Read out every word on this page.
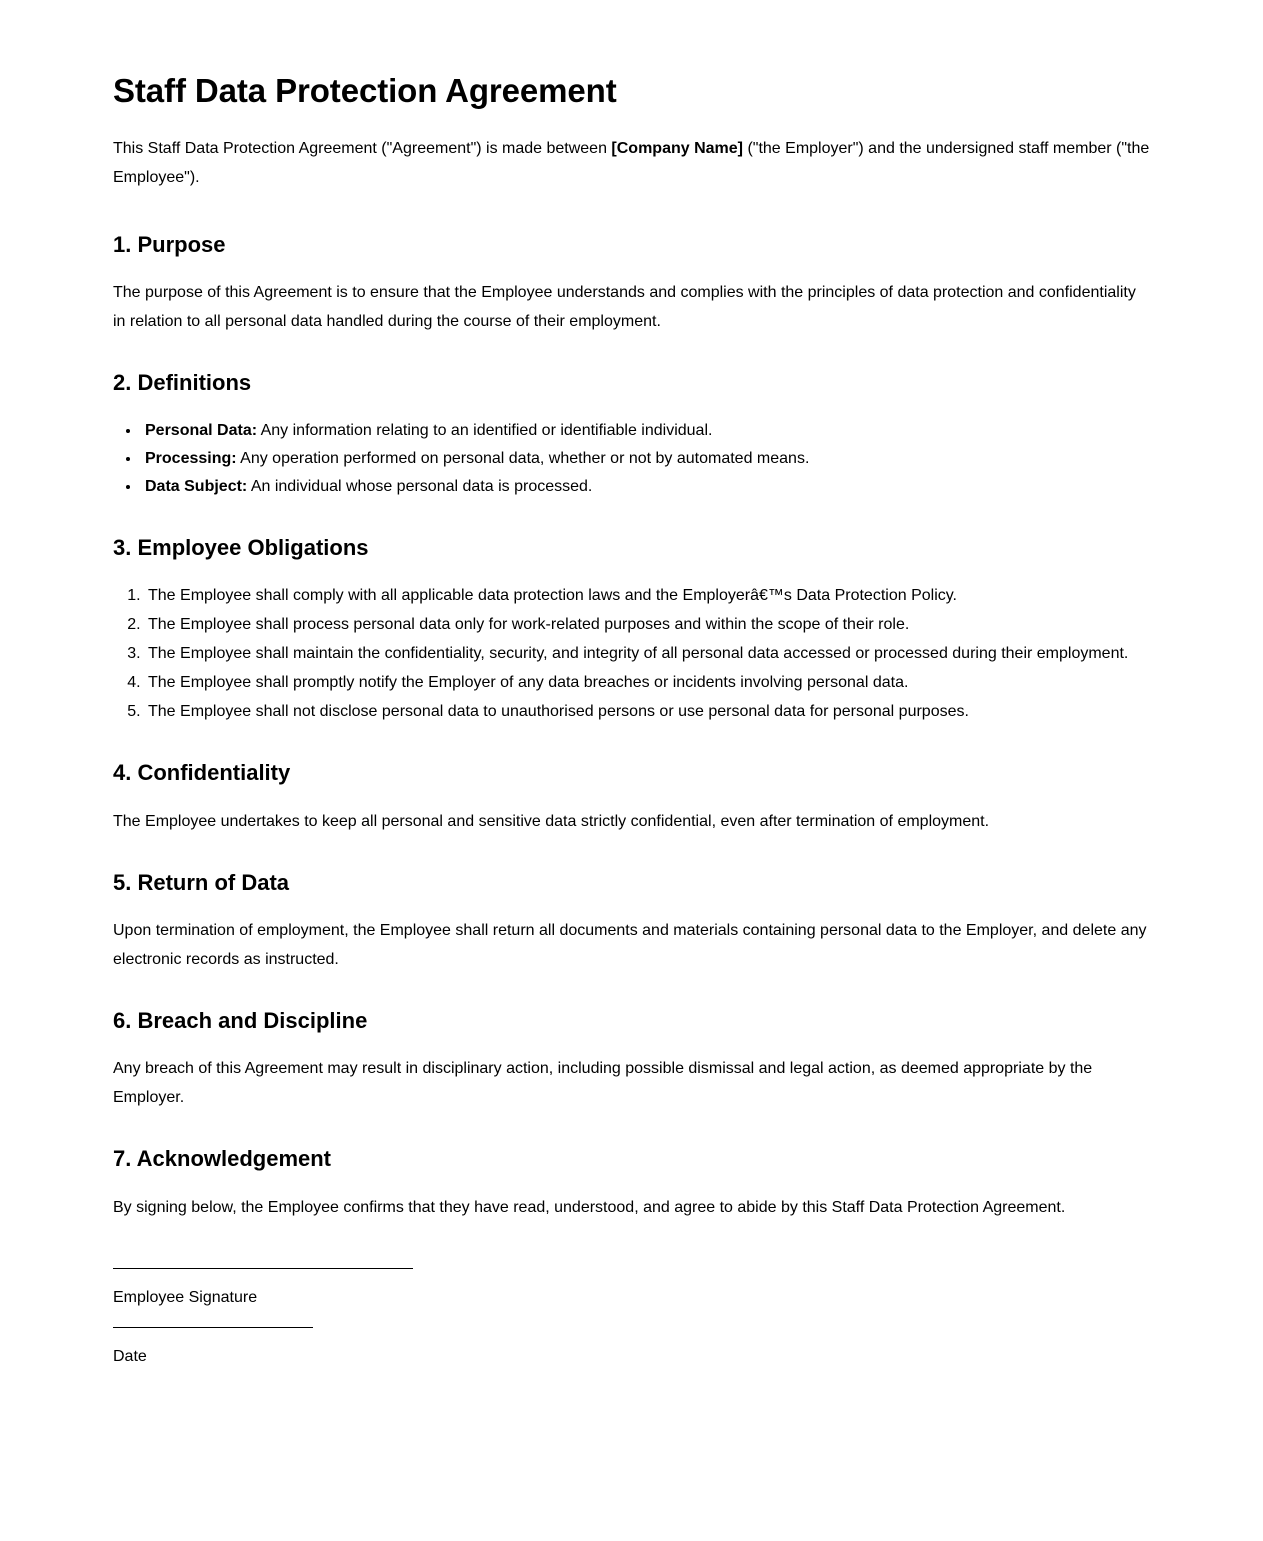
Staff Data Protection Agreement

This Staff Data Protection Agreement ("Agreement") is made between [Company Name] ("the Employer") and the undersigned staff member ("the Employee").

1. Purpose

The purpose of this Agreement is to ensure that the Employee understands and complies with the principles of data protection and confidentiality in relation to all personal data handled during the course of their employment.

2. Definitions
• Personal Data: Any information relating to an identified or identifiable individual.
• Processing: Any operation performed on personal data, whether or not by automated means.
• Data Subject: An individual whose personal data is processed.
3. Employee Obligations
1. The Employee shall comply with all applicable data protection laws and the Employerâ€™s Data Protection Policy.
2. The Employee shall process personal data only for work-related purposes and within the scope of their role.
3. The Employee shall maintain the confidentiality, security, and integrity of all personal data accessed or processed during their employment.
4. The Employee shall promptly notify the Employer of any data breaches or incidents involving personal data.
5. The Employee shall not disclose personal data to unauthorised persons or use personal data for personal purposes.
4. Confidentiality

The Employee undertakes to keep all personal and sensitive data strictly confidential, even after termination of employment.

5. Return of Data

Upon termination of employment, the Employee shall return all documents and materials containing personal data to the Employer, and delete any electronic records as instructed.

6. Breach and Discipline

Any breach of this Agreement may result in disciplinary action, including possible dismissal and legal action, as deemed appropriate by the Employer.

7. Acknowledgement

By signing below, the Employee confirms that they have read, understood, and agree to abide by this Staff Data Protection Agreement.

Employee Signature

Date
